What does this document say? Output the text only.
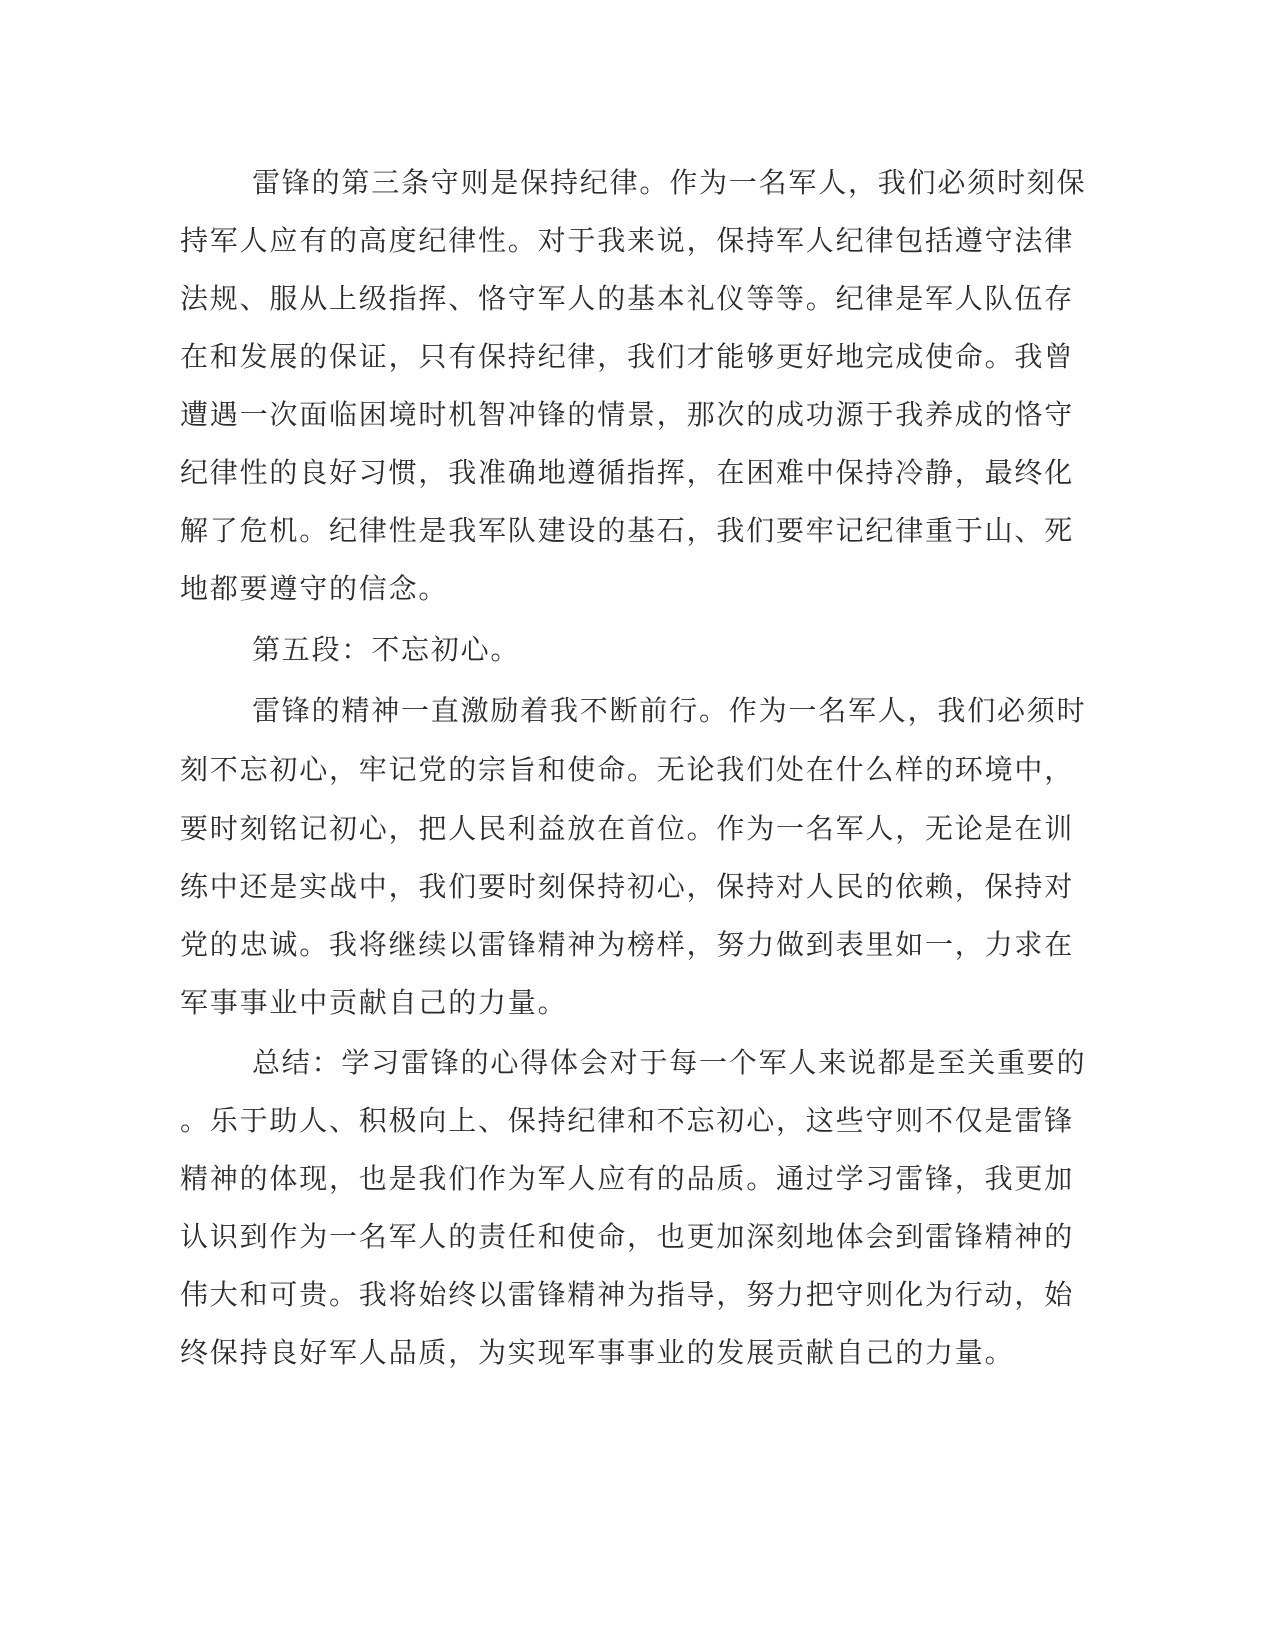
雷锋的第三条守则是保持纪律。作为一名军人，我们必须时刻保
持军人应有的高度纪律性。对于我来说，保持军人纪律包括遵守法律
法规、服从上级指挥、恪守军人的基本礼仪等等。纪律是军人队伍存
在和发展的保证，只有保持纪律，我们才能够更好地完成使命。我曾
遭遇一次面临困境时机智冲锋的情景，那次的成功源于我养成的恪守
纪律性的良好习惯，我准确地遵循指挥，在困难中保持冷静，最终化
解了危机。纪律性是我军队建设的基石，我们要牢记纪律重于山、死
地都要遵守的信念。
第五段：不忘初心。
雷锋的精神一直激励着我不断前行。作为一名军人，我们必须时
刻不忘初心，牢记党的宗旨和使命。无论我们处在什么样的环境中，
要时刻铭记初心，把人民利益放在首位。作为一名军人，无论是在训
练中还是实战中，我们要时刻保持初心，保持对人民的依赖，保持对
党的忠诚。我将继续以雷锋精神为榜样，努力做到表里如一，力求在
军事事业中贡献自己的力量。
总结：学习雷锋的心得体会对于每一个军人来说都是至关重要的
。乐于助人、积极向上、保持纪律和不忘初心，这些守则不仅是雷锋
精神的体现，也是我们作为军人应有的品质。通过学习雷锋，我更加
认识到作为一名军人的责任和使命，也更加深刻地体会到雷锋精神的
伟大和可贵。我将始终以雷锋精神为指导，努力把守则化为行动，始
终保持良好军人品质，为实现军事事业的发展贡献自己的力量。
